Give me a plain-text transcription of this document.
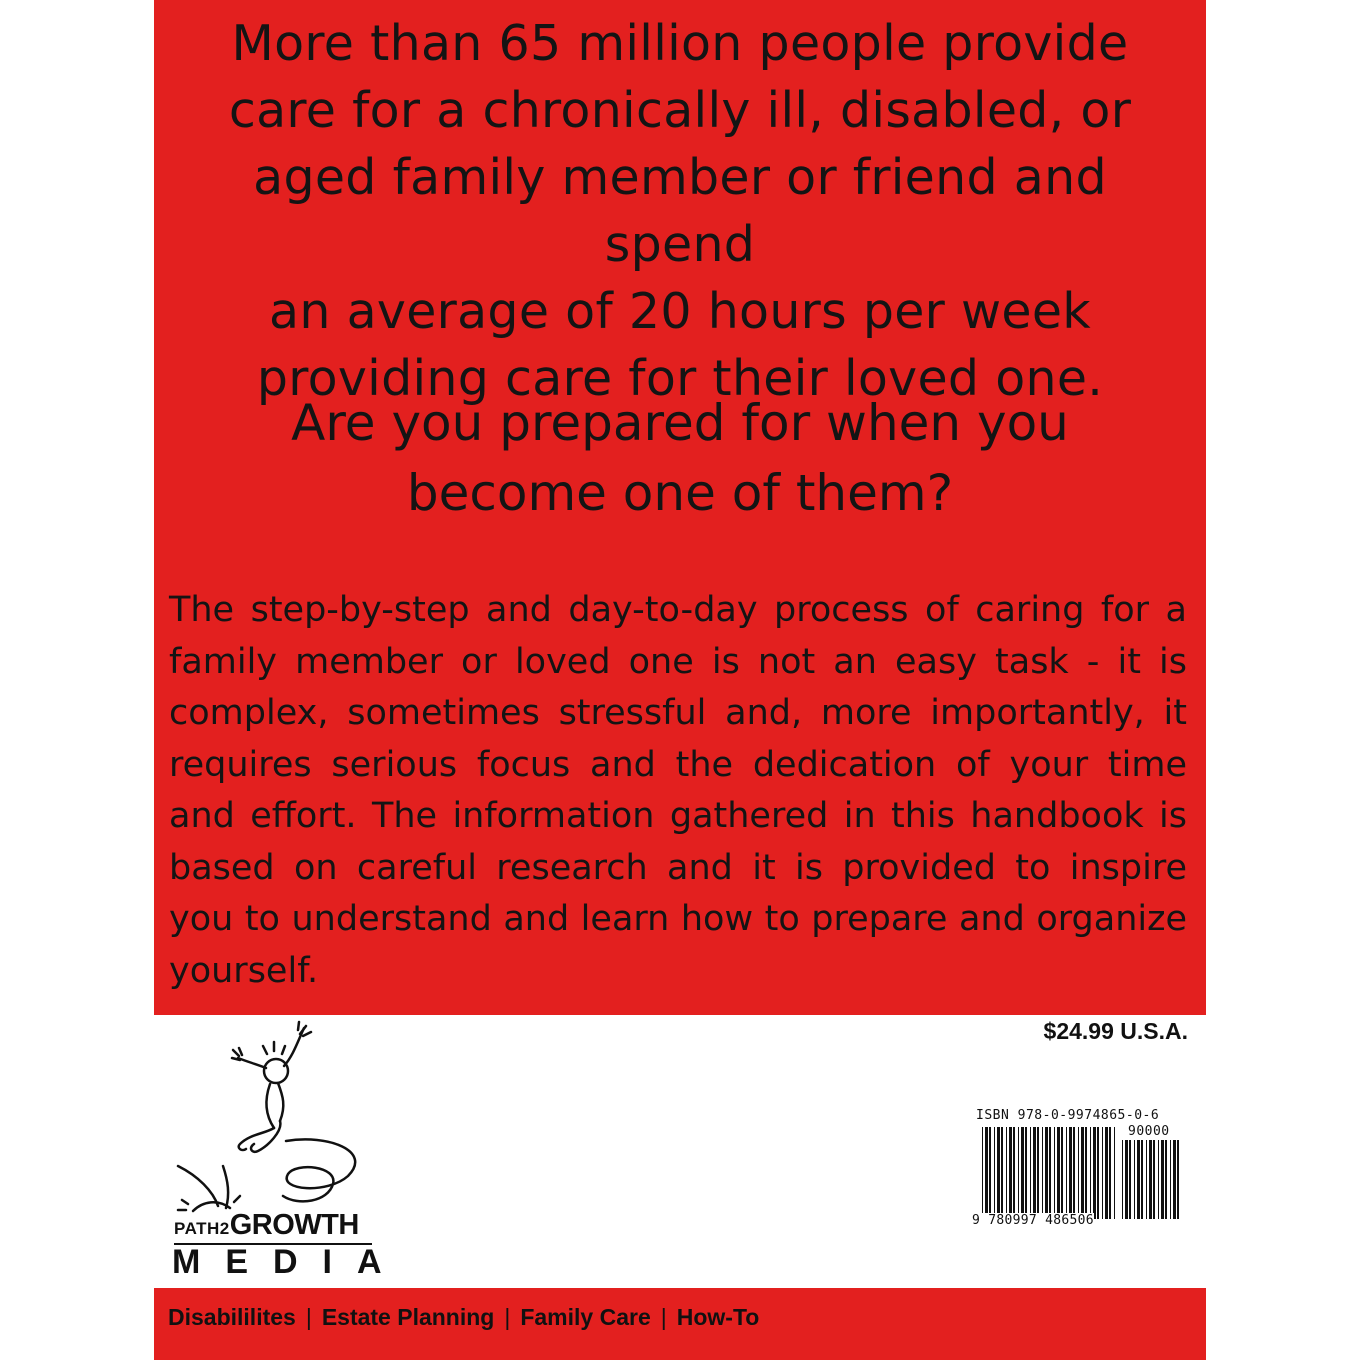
More than 65 million people provide
care for a chronically ill, disabled, or
aged family member or friend and spend
an average of 20 hours per week
providing care for their loved one.
Are you prepared for when you
become one of them?

The step-by-step and day-to-day process of caring for a family member or loved one is not an easy task - it is complex, sometimes stressful and, more importantly, it requires serious focus and the dedication of your time and effort. The information gathered in this handbook is based on careful research and it is provided to inspire you to understand and learn how to prepare and organize yourself.

$24.99 U.S.A.
PATH2GROWTH
MEDIA
ISBN 978-0-9974865-0-6
90000
9 780997 486506
Disabililites | Estate Planning | Family Care | How-To
